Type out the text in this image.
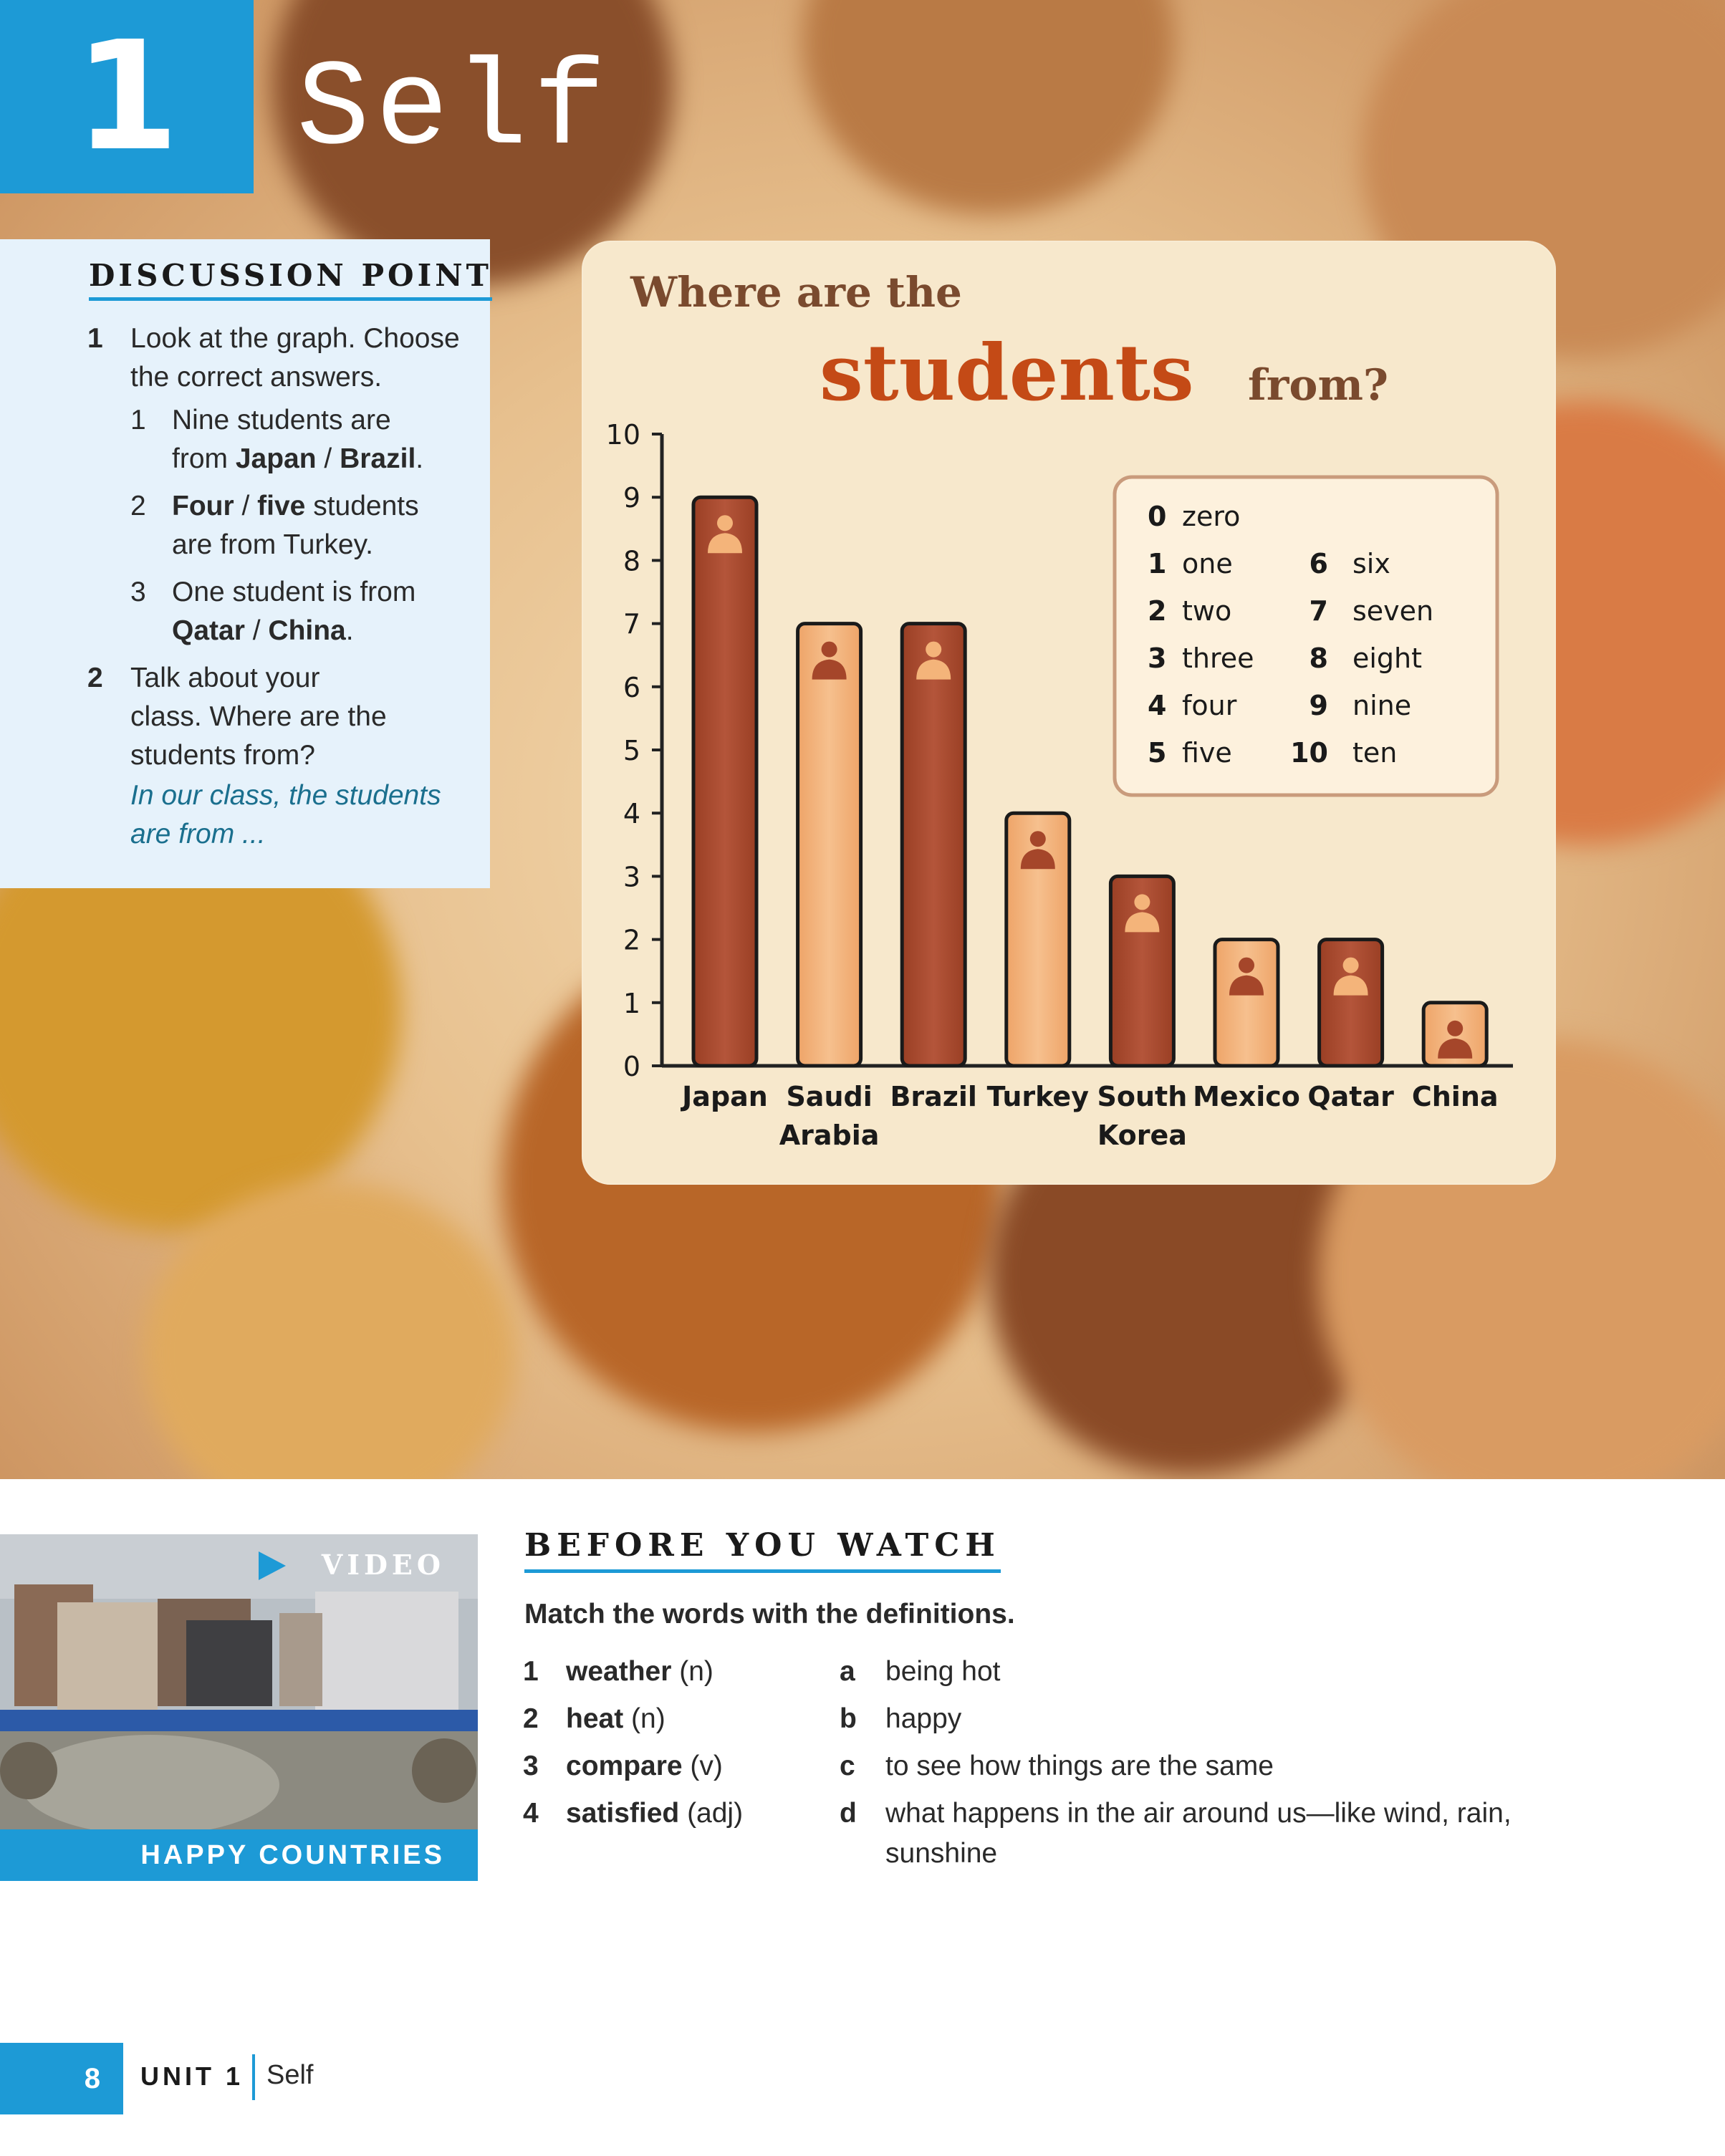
1 Self
DISCUSSION POINT
1 Look at the graph. Choose
the correct answers.
1 Nine students are
from Japan / Brazil.
2 Four / five students
are from Turkey.
3 One student is from
Qatar / China.
2 Talk about your
class. Where are the
students from?
In our class, the students
are from ...
Where are the
students from?
0
1
2
3
4
5
6
7
8
9
10
Japan Saudi
Arabia
Brazil Turkey South
Korea
Mexico Qatar China
0 zero
1 one
2 two
3 three
4 four
5 five
6 six
7 seven
8 eight
9 nine
10 ten
VIDEO
HAPPY COUNTRIES
BEFORE YOU WATCH
Match the words with the definitions.
1 weather (n)
2 heat (n)
3 compare (v)
4 satisfied (adj)
a being hot
b happy
c to see how things are the same
d what happens in the air around us—like wind, rain,
sunshine
8	UNIT 1 Self
